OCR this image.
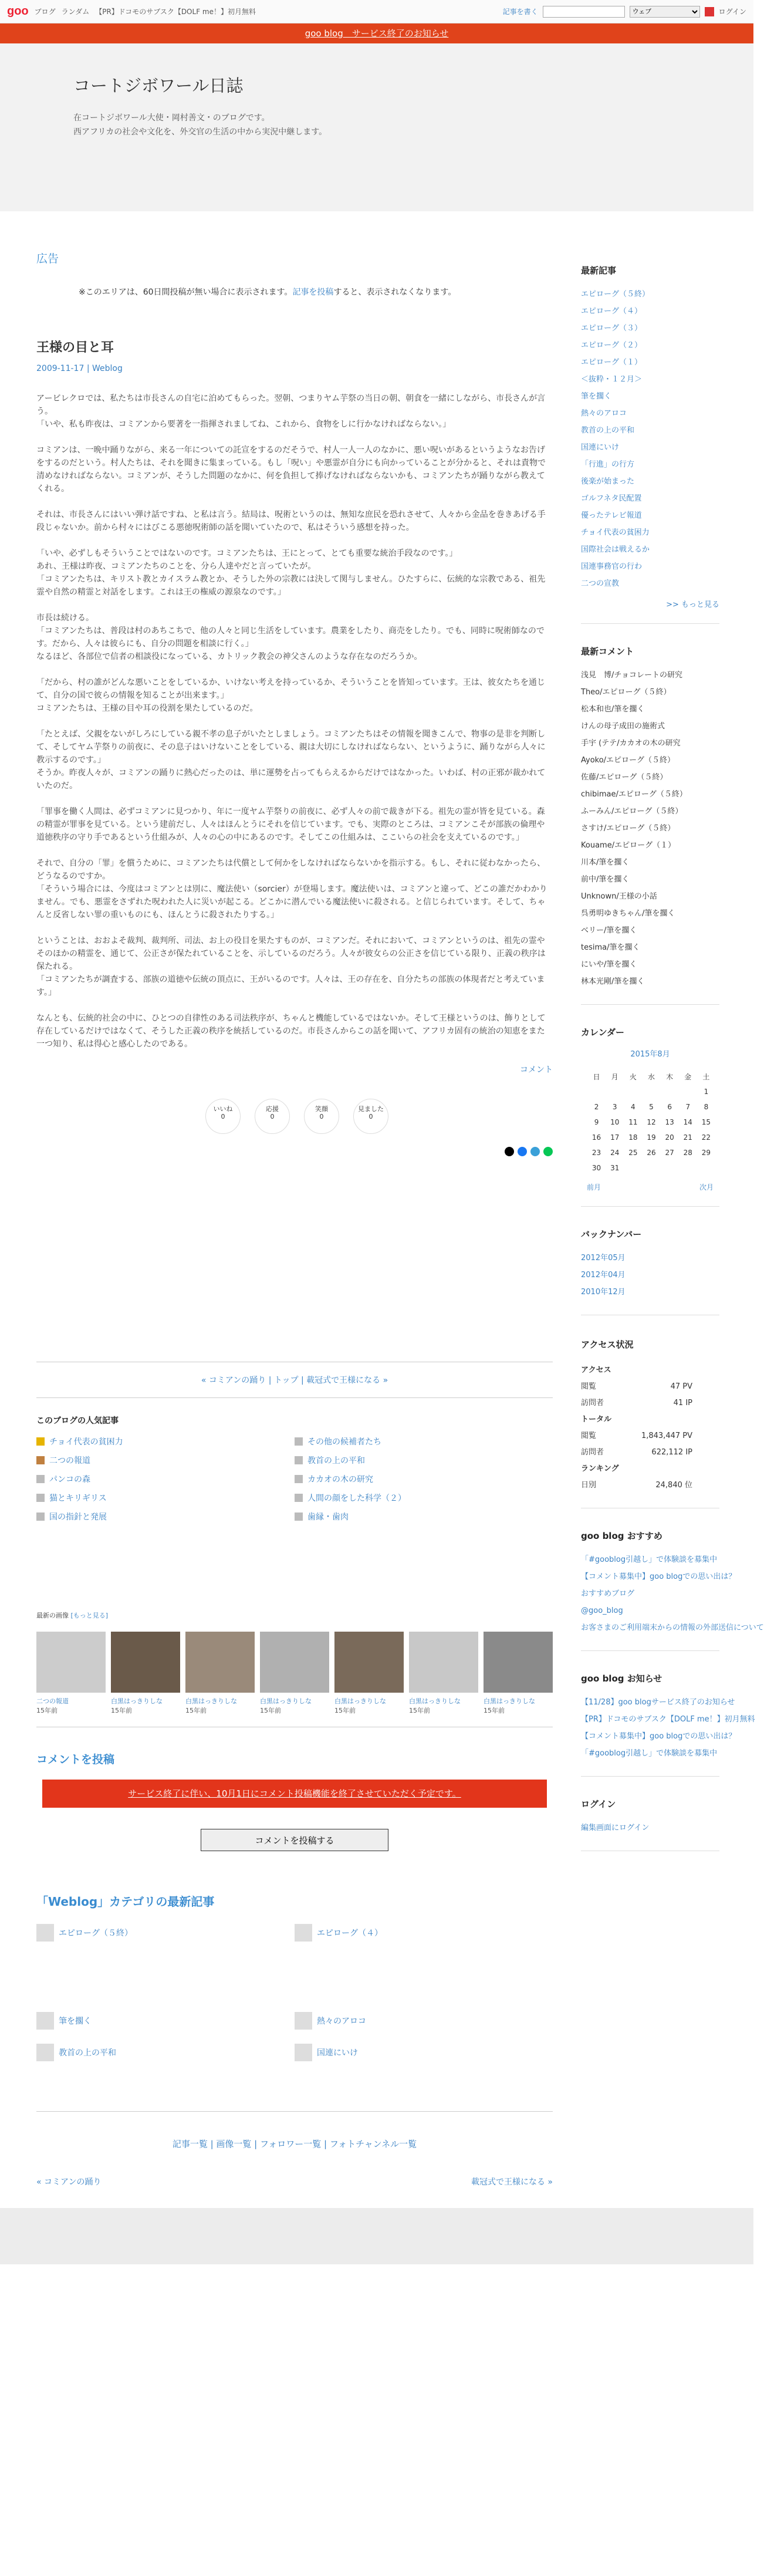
goo ブログ ランダム 【PR】ドコモのサブスク【DOLF me！】初月無料	記事を書く
ウェブ	ログイン
goo blog　サービス終了のお知らせ
コートジボワール日誌

在コートジボワール大使・岡村善文・のブログです。

西アフリカの社会や文化を、外交官の生活の中から実況中継します。

広告
※このエリアは、60日間投稿が無い場合に表示されます。記事を投稿すると、表示されなくなります。
王様の目と耳
2009-11-17 | Weblog

アービレクロでは、私たちは市長さんの自宅に泊めてもらった。翌朝、つまりヤム芋祭の当日の朝、朝食を一緒にしながら、市長さんが言う。
「いや、私も昨夜は、コミアンから要著を一指揮されましてね、これから、食物をしに行かなければならない。」

コミアンは、一晩中踊りながら、来る一年についての託宣をするのだそうで、村人一人一人のなかに、悪い呪いがあるというようなお告げをするのだという。村人たちは、それを聞きに集まっている。もし「呪い」や悪霊が自分にも向かっていることが分かると、それは責物で清めなければならない。コミアンが、そうした問題のなかに、何を負担して捧げなければならないかも、コミアンたちが踊りながら教えてくれる。

それは、市長さんにはいい弾け話ですね、と私は言う。結局は、呪術というのは、無知な庶民を恐れさせて、人々から金品を巻きあげる手段じゃないか。前から村々にはびこる悪徳呪術師の話を聞いていたので、私はそういう感想を持った。

「いや、必ずしもそういうことではないのです。コミアンたちは、王にとって、とても重要な統治手段なのです。」
あれ、王様は昨夜、コミアンたちのことを、分ら人達やだと言っていたが。
「コミアンたちは、キリスト教とカイスラム教とか、そうした外の宗教には決して関与しません。ひたすらに、伝統的な宗教である、祖先霊や自然の精霊と対話をします。これは王の権威の源泉なのです。」

市長は続ける。
「コミアンたちは、普段は村のあちこちで、他の人々と同じ生活をしています。農業をしたり、商売をしたり。でも、同時に呪術師なのです。だから、人々は彼らにも、自分の問題を相談に行く。」
なるほど、各部位で信者の相談役になっている、カトリック教会の神父さんのような存在なのだろうか。

「だから、村の誰がどんな悪いことをしているか、いけない考えを持っているか、そういうことを皆知っています。王は、彼女たちを通じて、自分の国で彼らの情報を知ることが出来ます。」
コミアンたちは、王様の目や耳の役割を果たしているのだ。

「たとえば、父親をないがしろにしている親不孝の息子がいたとしましょう。コミアンたちはその情報を聞きこんで、物事の是非を判断して、そしてヤム芋祭りの前夜に、その息子はいけないことをしている、親は大切にしなければならない、というように、踊りながら人々に教示するのです。」
そうか。昨夜人々が、コミアンの踊りに熱心だったのは、単に運勢を占ってもらえるからだけではなかった。いわば、村の正邪が裁かれていたのだ。

「罪事を働く人間は、必ずコミアンに見つかり、年に一度ヤム芋祭りの前夜に、必ず人々の前で裁きが下る。祖先の霊が皆を見ている。森の精霊が罪事を見ている。という建前だし、人々はほんとうにそれを信じています。でも、実際のところは、コミアンこそが部族の倫理や道徳秩序の守り手であるという仕組みが、人々の心の中にあるのです。そしてこの仕組みは、ここいらの社会を支えているのです。」

それで、自分の「罪」を償うために、コミアンたちは代償として何かをしなければならないかを指示する。もし、それに従わなかったら、どうなるのですか。
「そういう場合には、今度はコミアンとは別に、魔法使い（sorcier）が登場します。魔法使いは、コミアンと違って、どこの誰だかわかりません。でも、悪霊をさずれた呪われた人に災いが起こる。どこかに潜んでいる魔法使いに殺される。と信じられています。そして、ちゃんと反省しない罪の重いものにも、ほんとうに殺されたりする。」

ということは、おおよそ裁判、裁判所、司法、お上の役目を果たすものが、コミアンだ。それにおいて、コミアンというのは、祖先の霊やそのほかの精霊を、通じて、公正さが保たれていることを、示しているのだろう。人々が彼女らの公正さを信じている限り、正義の秩序は保たれる。
「コミアンたちが調査する、部族の道徳や伝統の頂点に、王がいるのです。人々は、王の存在を、自分たちの部族の体現者だと考えています。」

なんとも、伝統的社会の中に、ひとつの自律性のある司法秩序が、ちゃんと機能しているではないか。そして王様というのは、飾りとして存在しているだけではなくて、そうした正義の秩序を統括しているのだ。市長さんからこの話を聞いて、アフリカ固有の統治の知恵をまた一つ知り、私は得心と感心したのである。

コメント
いいね
0
応援
0
笑顔
0
見ました
0
« コミアンの踊り | トップ | 載冠式で王様になる »
このブログの人気記事
チョイ代表の貧困力	その他の候補者たち
二つの報道	教首の上の平和
パンコの森	カカオの木の研究
猫とキリギリス	人間の顔をした科学（２）
国の指針と発展	歯縁・歯肉
最新の画像 [もっと見る]
二つの報道
15年前
白黒はっきりしな
15年前
白黒はっきりしな
15年前
白黒はっきりしな
15年前
白黒はっきりしな
15年前
白黒はっきりしな
15年前
白黒はっきりしな
15年前
コメントを投稿
サービス終了に伴い、10月1日にコメント投稿機能を終了させていただく予定です。
コメントを投稿する
「Weblog」カテゴリの最新記事
エピローグ（５終）	エピローグ（４）
筆を擱く	熱々のアロコ
教首の上の平和	国連にいけ
記事一覧 | 画像一覧 | フォロワー一覧 | フォトチャンネル一覧
« コミアンの踊り	載冠式で王様になる »
最新記事
エピローグ（５終）
エピローグ（４）
エピローグ（３）
エピローグ（２）
エピローグ（１）
＜抜粋・１２月＞
筆を擱く
熱々のアロコ
教首の上の平和
国連にいけ
「行進」の行方
後楽が始まった
ゴルフネタ民配置
優ったテレビ報道
チョイ代表の貧困力
国際社会は戦えるか
国連事務官の行わ
二つの宣教
>> もっと見る
最新コメント
浅見　博/チョコレートの研究
Theo/エピローグ（５終）
松本和也/筆を擱く
けんの母子成田の施術式
手宇 (テテ/カカオの木の研究
Ayoko/エピローグ（５終）
佐藤/エピローグ（５終）
chibimae/エピローグ（５終）
ふーみん/エピローグ（５終）
さすけ/エピローグ（５終）
Kouame/エピローグ（１）
川本/筆を擱く
前中/筆を擱く
Unknown/王様の小話
呉勇明ゆきちゃん/筆を擱く
ベリー/筆を擱く
tesima/筆を擱く
にいや/筆を擱く
林本光剛/筆を擱く
カレンダー
2015年8月
日	月	火	水	木	金	土
						1
2	3	4	5	6	7	8
9	10	11	12	13	14	15
16	17	18	19	20	21	22
23	24	25	26	27	28	29
30	31					
前月	次月
バックナンバー
2012年05月
2012年04月
2010年12月
アクセス状況
アクセス
閲覧	47 PV
訪問者	41 IP
トータル
閲覧	1,843,447 PV
訪問者	622,112 IP
ランキング
日別	24,840 位
goo blog おすすめ
「#gooblog引越し」で体験談を募集中
【コメント募集中】goo blogでの思い出は？
おすすめブログ
@goo_blog
お客さまのご利用端末からの情報の外部送信について
goo blog お知らせ
【11/28】goo blogサービス終了のお知らせ
【PR】ドコモのサブスク【DOLF me！】初月無料
【コメント募集中】goo blogでの思い出は？
「#gooblog引越し」で体験談を募集中
ログイン
編集画面にログイン
